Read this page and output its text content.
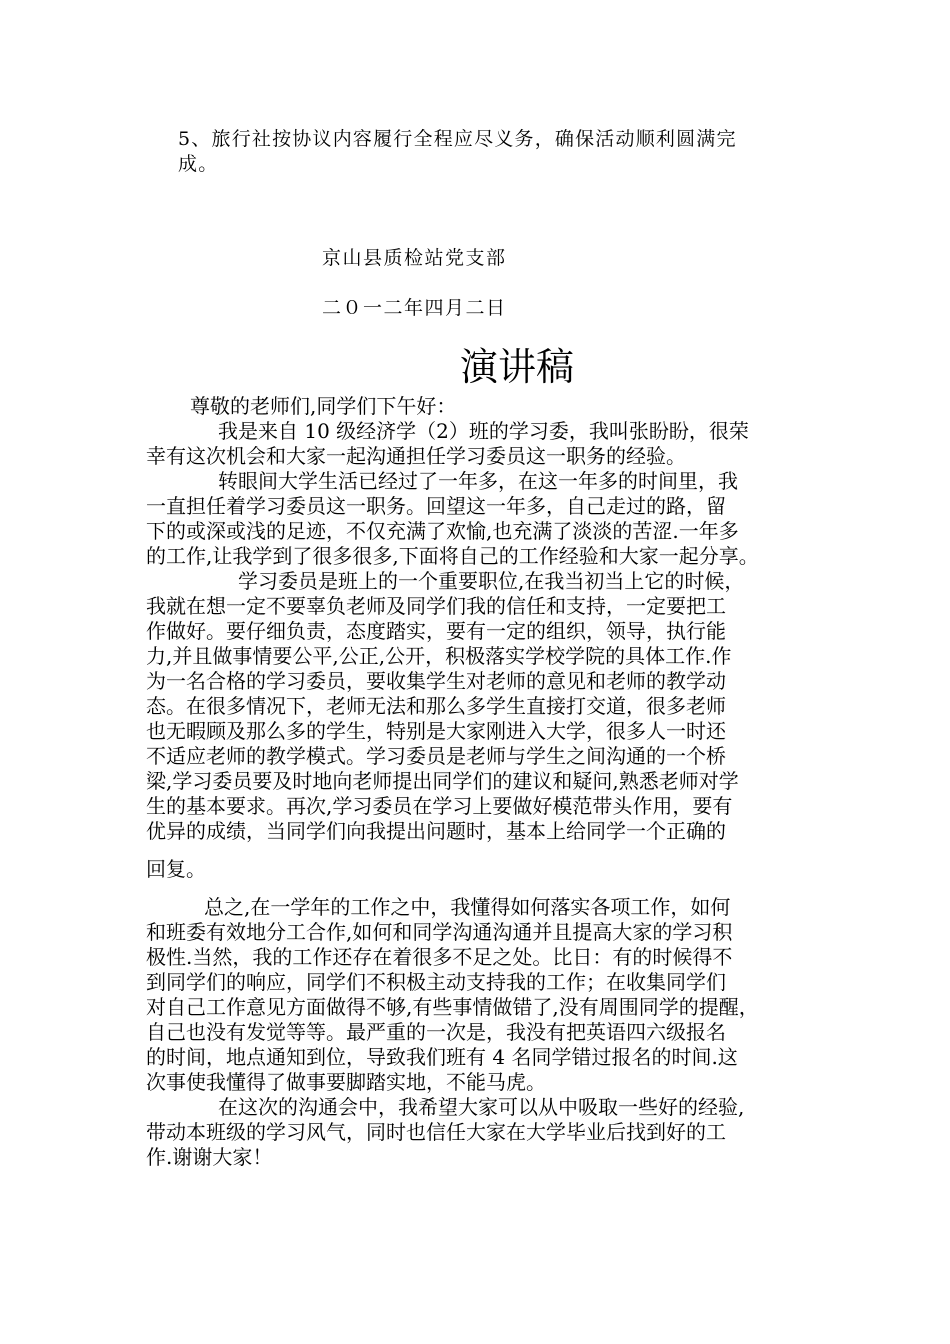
5、旅行社按协议内容履行全程应尽义务，确保活动顺利圆满完

成。

京山县质检站党支部

二０一二年四月二日

演讲稿

尊敬的老师们,同学们下午好：

我是来自 10 级经济学（2）班的学习委，我叫张盼盼，很荣

幸有这次机会和大家一起沟通担任学习委员这一职务的经验。

转眼间大学生活已经过了一年多，在这一年多的时间里，我

一直担任着学习委员这一职务。回望这一年多，自己走过的路，留

下的或深或浅的足迹，不仅充满了欢愉,也充满了淡淡的苦涩.一年多

的工作,让我学到了很多很多,下面将自己的工作经验和大家一起分享。

学习委员是班上的一个重要职位,在我当初当上它的时候，

我就在想一定不要辜负老师及同学们我的信任和支持，一定要把工

作做好。要仔细负责，态度踏实，要有一定的组织，领导，执行能

力,并且做事情要公平,公正,公开，积极落实学校学院的具体工作.作

为一名合格的学习委员，要收集学生对老师的意见和老师的教学动

态。在很多情况下，老师无法和那么多学生直接打交道，很多老师

也无暇顾及那么多的学生，特别是大家刚进入大学，很多人一时还

不适应老师的教学模式。学习委员是老师与学生之间沟通的一个桥

梁,学习委员要及时地向老师提出同学们的建议和疑问,熟悉老师对学

生的基本要求。再次,学习委员在学习上要做好模范带头作用，要有

优异的成绩，当同学们向我提出问题时，基本上给同学一个正确的

回复。

总之,在一学年的工作之中，我懂得如何落实各项工作，如何

和班委有效地分工合作,如何和同学沟通沟通并且提高大家的学习积

极性.当然，我的工作还存在着很多不足之处。比日：有的时候得不

到同学们的响应，同学们不积极主动支持我的工作；在收集同学们

对自己工作意见方面做得不够,有些事情做错了,没有周围同学的提醒，

自己也没有发觉等等。最严重的一次是，我没有把英语四六级报名

的时间，地点通知到位，导致我们班有 4 名同学错过报名的时间.这

次事使我懂得了做事要脚踏实地，不能马虎。

在这次的沟通会中，我希望大家可以从中吸取一些好的经验,

带动本班级的学习风气，同时也信任大家在大学毕业后找到好的工

作.谢谢大家！
